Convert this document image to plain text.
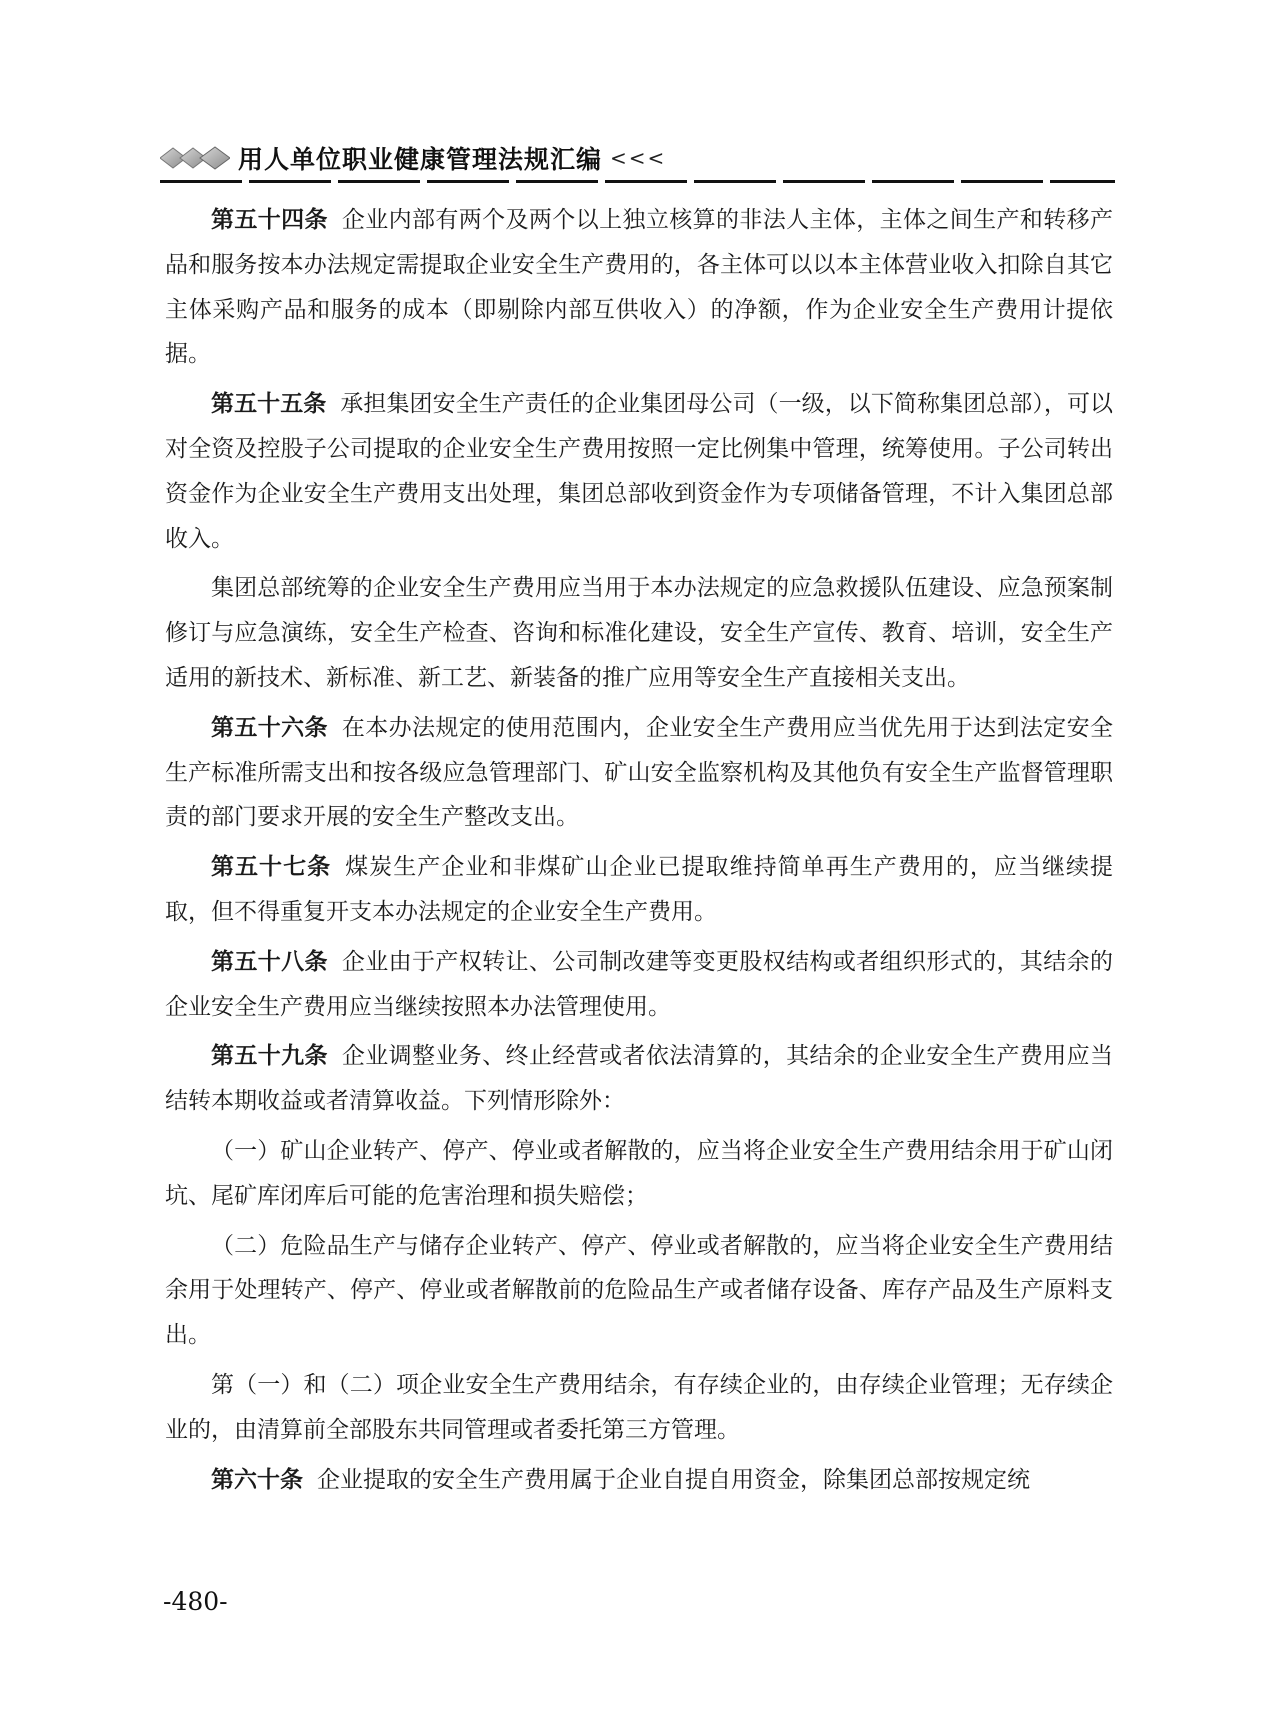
用人单位职业健康管理法规汇编 <<<

第五十四条 企业内部有两个及两个以上独立核算的非法人主体，主体之间生产和转移产品和服务按本办法规定需提取企业安全生产费用的，各主体可以以本主体营业收入扣除自其它主体采购产品和服务的成本（即剔除内部互供收入）的净额，作为企业安全生产费用计提依据。

第五十五条 承担集团安全生产责任的企业集团母公司（一级，以下简称集团总部），可以对全资及控股子公司提取的企业安全生产费用按照一定比例集中管理，统筹使用。子公司转出资金作为企业安全生产费用支出处理，集团总部收到资金作为专项储备管理，不计入集团总部收入。

集团总部统筹的企业安全生产费用应当用于本办法规定的应急救援队伍建设、应急预案制修订与应急演练，安全生产检查、咨询和标准化建设，安全生产宣传、教育、培训，安全生产适用的新技术、新标准、新工艺、新装备的推广应用等安全生产直接相关支出。

第五十六条 在本办法规定的使用范围内，企业安全生产费用应当优先用于达到法定安全生产标准所需支出和按各级应急管理部门、矿山安全监察机构及其他负有安全生产监督管理职责的部门要求开展的安全生产整改支出。

第五十七条 煤炭生产企业和非煤矿山企业已提取维持简单再生产费用的，应当继续提取，但不得重复开支本办法规定的企业安全生产费用。

第五十八条 企业由于产权转让、公司制改建等变更股权结构或者组织形式的，其结余的企业安全生产费用应当继续按照本办法管理使用。

第五十九条 企业调整业务、终止经营或者依法清算的，其结余的企业安全生产费用应当结转本期收益或者清算收益。下列情形除外：

（一）矿山企业转产、停产、停业或者解散的，应当将企业安全生产费用结余用于矿山闭坑、尾矿库闭库后可能的危害治理和损失赔偿；

（二）危险品生产与储存企业转产、停产、停业或者解散的，应当将企业安全生产费用结余用于处理转产、停产、停业或者解散前的危险品生产或者储存设备、库存产品及生产原料支出。

第（一）和（二）项企业安全生产费用结余，有存续企业的，由存续企业管理；无存续企业的，由清算前全部股东共同管理或者委托第三方管理。

第六十条 企业提取的安全生产费用属于企业自提自用资金，除集团总部按规定统

-480-
